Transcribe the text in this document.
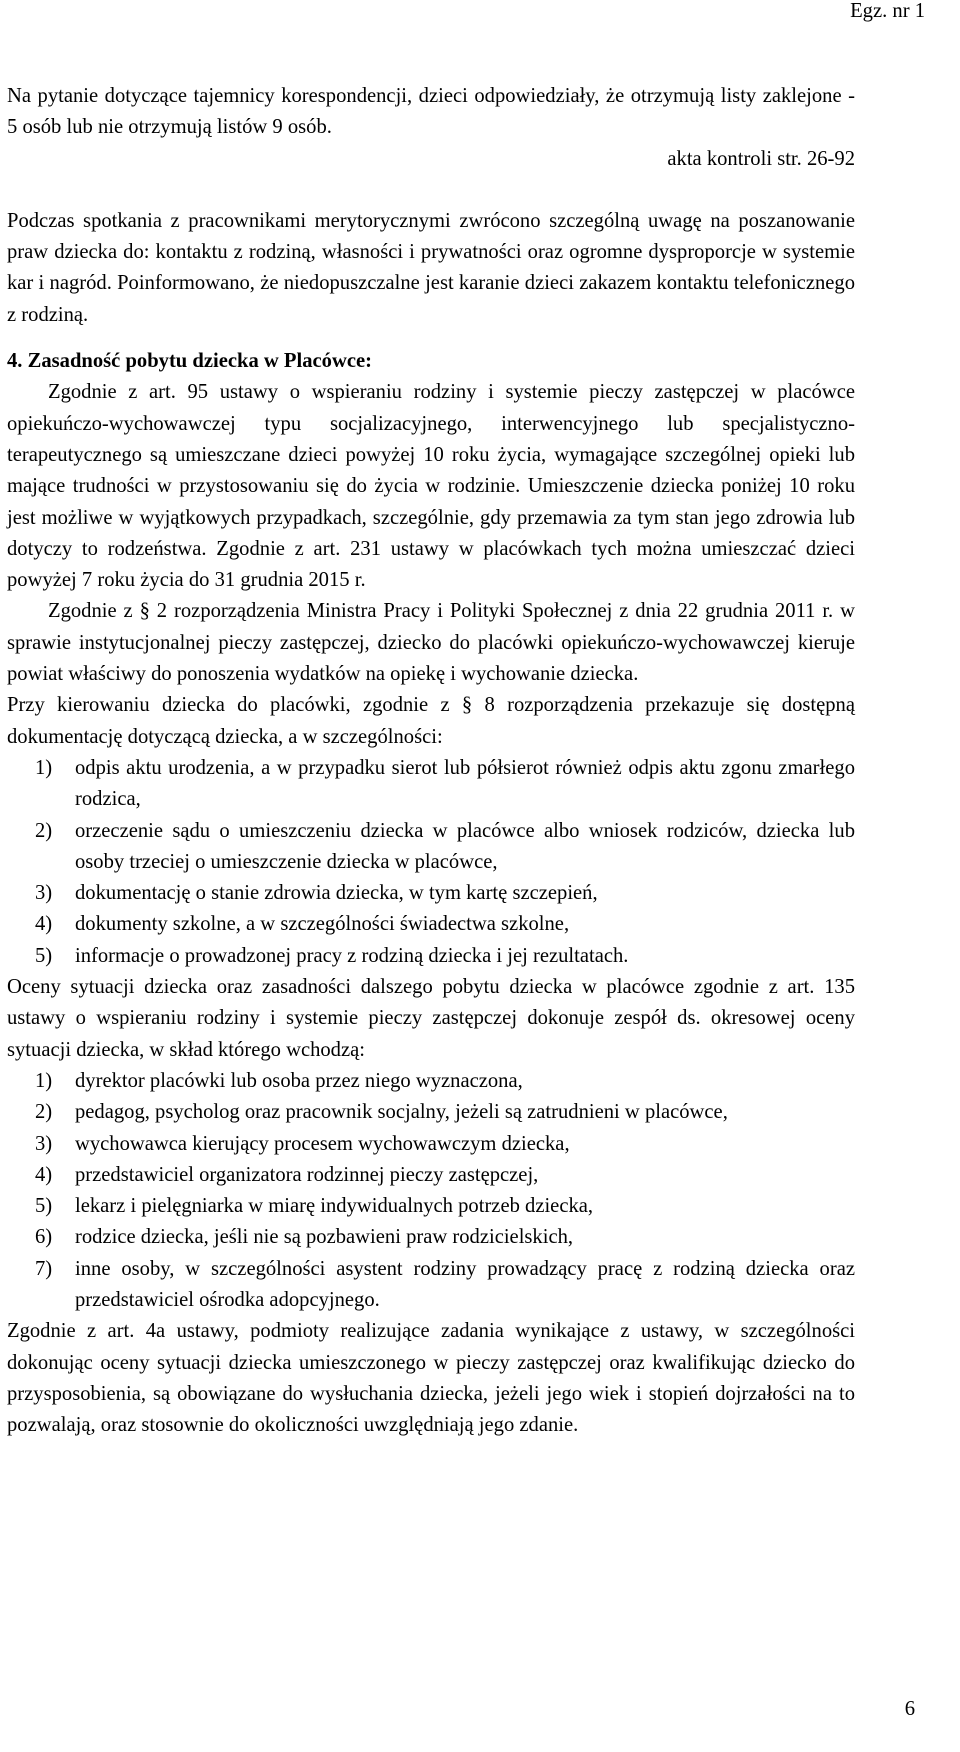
Egz. nr 1

Na pytanie dotyczące tajemnicy korespondencji, dzieci odpowiedziały, że otrzymują listy zaklejone - 5 osób lub nie otrzymują listów 9 osób.

akta kontroli str. 26-92

Podczas spotkania z pracownikami merytorycznymi zwrócono szczególną uwagę na poszanowanie praw dziecka do: kontaktu z rodziną, własności i prywatności oraz ogromne dysproporcje w systemie kar i nagród. Poinformowano, że niedopuszczalne jest karanie dzieci zakazem kontaktu telefonicznego z rodziną.

4. Zasadność pobytu dziecka w Placówce:

Zgodnie z art. 95 ustawy o wspieraniu rodziny i systemie pieczy zastępczej w placówce opiekuńczo-wychowawczej typu socjalizacyjnego, interwencyjnego lub specjalistyczno-terapeutycznego są umieszczane dzieci powyżej 10 roku życia, wymagające szczególnej opieki lub mające trudności w przystosowaniu się do życia w rodzinie. Umieszczenie dziecka poniżej 10 roku jest możliwe w wyjątkowych przypadkach, szczególnie, gdy przemawia za tym stan jego zdrowia lub dotyczy to rodzeństwa. Zgodnie z art. 231 ustawy w placówkach tych można umieszczać dzieci powyżej 7 roku życia do 31 grudnia 2015 r.

Zgodnie z § 2 rozporządzenia Ministra Pracy i Polityki Społecznej z dnia 22 grudnia 2011 r. w sprawie instytucjonalnej pieczy zastępczej, dziecko do placówki opiekuńczo-wychowawczej kieruje powiat właściwy do ponoszenia wydatków na opiekę i wychowanie dziecka.

Przy kierowaniu dziecka do placówki, zgodnie z § 8 rozporządzenia przekazuje się dostępną dokumentację dotyczącą dziecka, a w szczególności:

1) odpis aktu urodzenia, a w przypadku sierot lub półsierot również odpis aktu zgonu zmarłego rodzica,
2) orzeczenie sądu o umieszczeniu dziecka w placówce albo wniosek rodziców, dziecka lub osoby trzeciej o umieszczenie dziecka w placówce,
3) dokumentację o stanie zdrowia dziecka, w tym kartę szczepień,
4) dokumenty szkolne, a w szczególności świadectwa szkolne,
5) informacje o prowadzonej pracy z rodziną dziecka i jej rezultatach.

Oceny sytuacji dziecka oraz zasadności dalszego pobytu dziecka w placówce zgodnie z art. 135 ustawy o wspieraniu rodziny i systemie pieczy zastępczej dokonuje zespół ds. okresowej oceny sytuacji dziecka, w skład którego wchodzą:

1) dyrektor placówki lub osoba przez niego wyznaczona,
2) pedagog, psycholog oraz pracownik socjalny, jeżeli są zatrudnieni w placówce,
3) wychowawca kierujący procesem wychowawczym dziecka,
4) przedstawiciel organizatora rodzinnej pieczy zastępczej,
5) lekarz i pielęgniarka w miarę indywidualnych potrzeb dziecka,
6) rodzice dziecka, jeśli nie są pozbawieni praw rodzicielskich,
7) inne osoby, w szczególności asystent rodziny prowadzący pracę z rodziną dziecka oraz przedstawiciel ośrodka adopcyjnego.

Zgodnie z art. 4a ustawy, podmioty realizujące zadania wynikające z ustawy, w szczególności dokonując oceny sytuacji dziecka umieszczonego w pieczy zastępczej oraz kwalifikując dziecko do przysposobienia, są obowiązane do wysłuchania dziecka, jeżeli jego wiek i stopień dojrzałości na to pozwalają, oraz stosownie do okoliczności uwzględniają jego zdanie.

6
